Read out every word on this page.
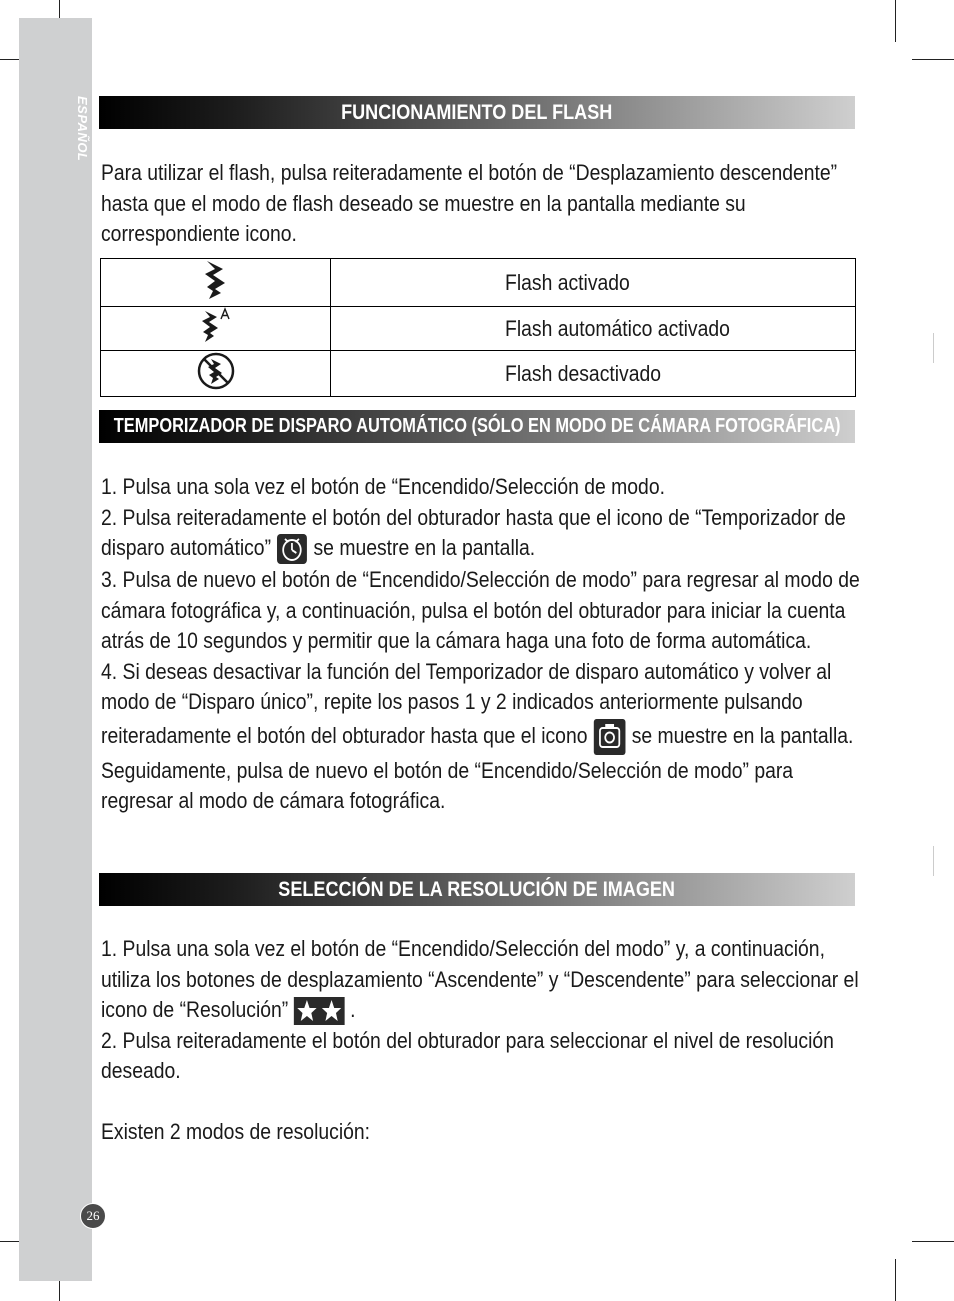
ESPAÑOL
26
FUNCIONAMIENTO DEL FLASH

Para utilizar el flash, pulsa reiteradamente el botón de “Desplazamiento descendente” hasta que el modo de flash deseado se muestre en la pantalla mediante su correspondiente icono.

	Flash activado
	Flash automático activado
	Flash desactivado
TEMPORIZADOR DE DISPARO AUTOMÁTICO (SÓLO EN MODO DE CÁMARA FOTOGRÁFICA)

1. Pulsa una sola vez el botón de “Encendido/Selección de modo.

2. Pulsa reiteradamente el botón del obturador hasta que el icono de “Temporizador de disparo automático” se muestre en la pantalla.

3. Pulsa de nuevo el botón de “Encendido/Selección de modo” para regresar al modo de cámara fotográfica y, a continuación, pulsa el botón del obturador para iniciar la cuenta atrás de 10 segundos y permitir que la cámara haga una foto de forma automática.

4. Si deseas desactivar la función del Temporizador de disparo automático y volver al modo de “Disparo único”, repite los pasos 1 y 2 indicados anteriormente pulsando reiteradamente el botón del obturador hasta que el icono se muestre en la pantalla. Seguidamente, pulsa de nuevo el botón de “Encendido/Selección de modo” para regresar al modo de cámara fotográfica.

SELECCIÓN DE LA RESOLUCIÓN DE IMAGEN

1. Pulsa una sola vez el botón de “Encendido/Selección del modo” y, a continuación, utiliza los botones de desplazamiento “Ascendente” y “Descendente” para seleccionar el icono de “Resolución”	.

2. Pulsa reiteradamente el botón del obturador para seleccionar el nivel de resolución deseado.

Existen 2 modos de resolución:
